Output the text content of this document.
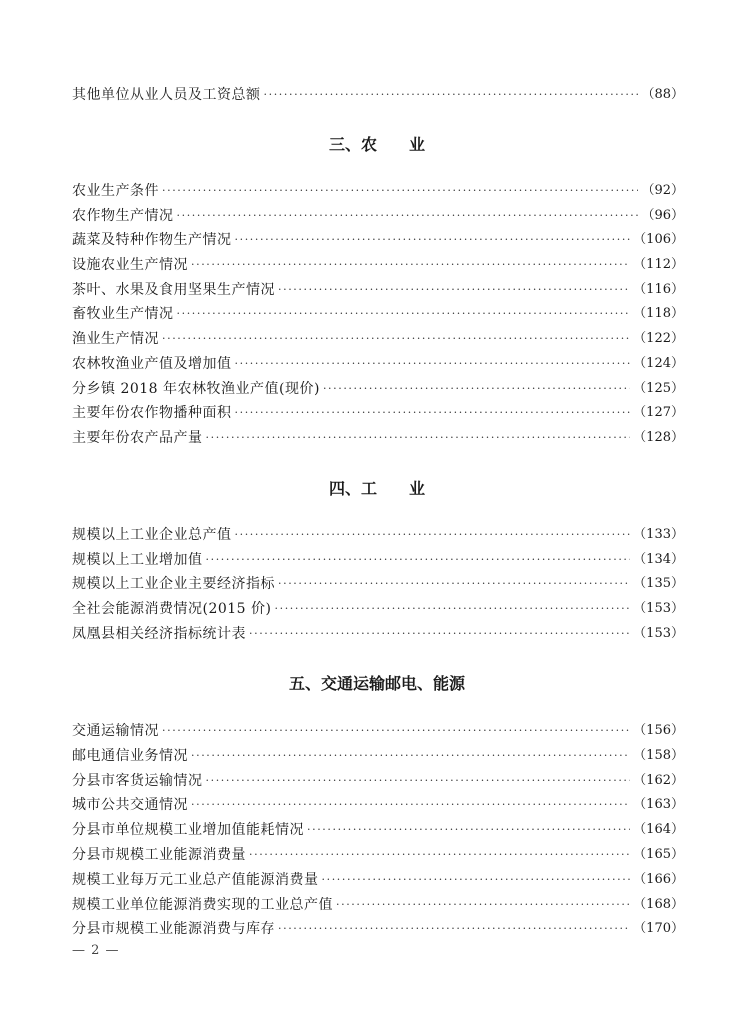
其他单位从业人员及工资总额 ·····	（88）
三、农　　业
农业生产条件 ·····	（92）
农作物生产情况 ·····	（96）
蔬菜及特种作物生产情况 ·····	（106）
设施农业生产情况 ·····	（112）
茶叶、水果及食用坚果生产情况 ·····	（116）
畜牧业生产情况 ·····	（118）
渔业生产情况 ·····	（122）
农林牧渔业产值及增加值 ·····	（124）
分乡镇 2018 年农林牧渔业产值(现价) ·····	（125）
主要年份农作物播种面积 ·····	（127）
主要年份农产品产量 ·····	（128）
四、工　　业
规模以上工业企业总产值 ·····	（133）
规模以上工业增加值 ·····	（134）
规模以上工业企业主要经济指标 ·····	（135）
全社会能源消费情况(2015 价) ·····	（153）
凤凰县相关经济指标统计表 ·····	（153）
五、交通运输邮电、能源
交通运输情况 ·····	（156）
邮电通信业务情况 ·····	（158）
分县市客货运输情况 ·····	（162）
城市公共交通情况 ·····	（163）
分县市单位规模工业增加值能耗情况 ·····	（164）
分县市规模工业能源消费量 ·····	（165）
规模工业每万元工业总产值能源消费量 ·····	（166）
规模工业单位能源消费实现的工业总产值 ·····	（168）
分县市规模工业能源消费与库存 ·····	（170）
— 2 —
